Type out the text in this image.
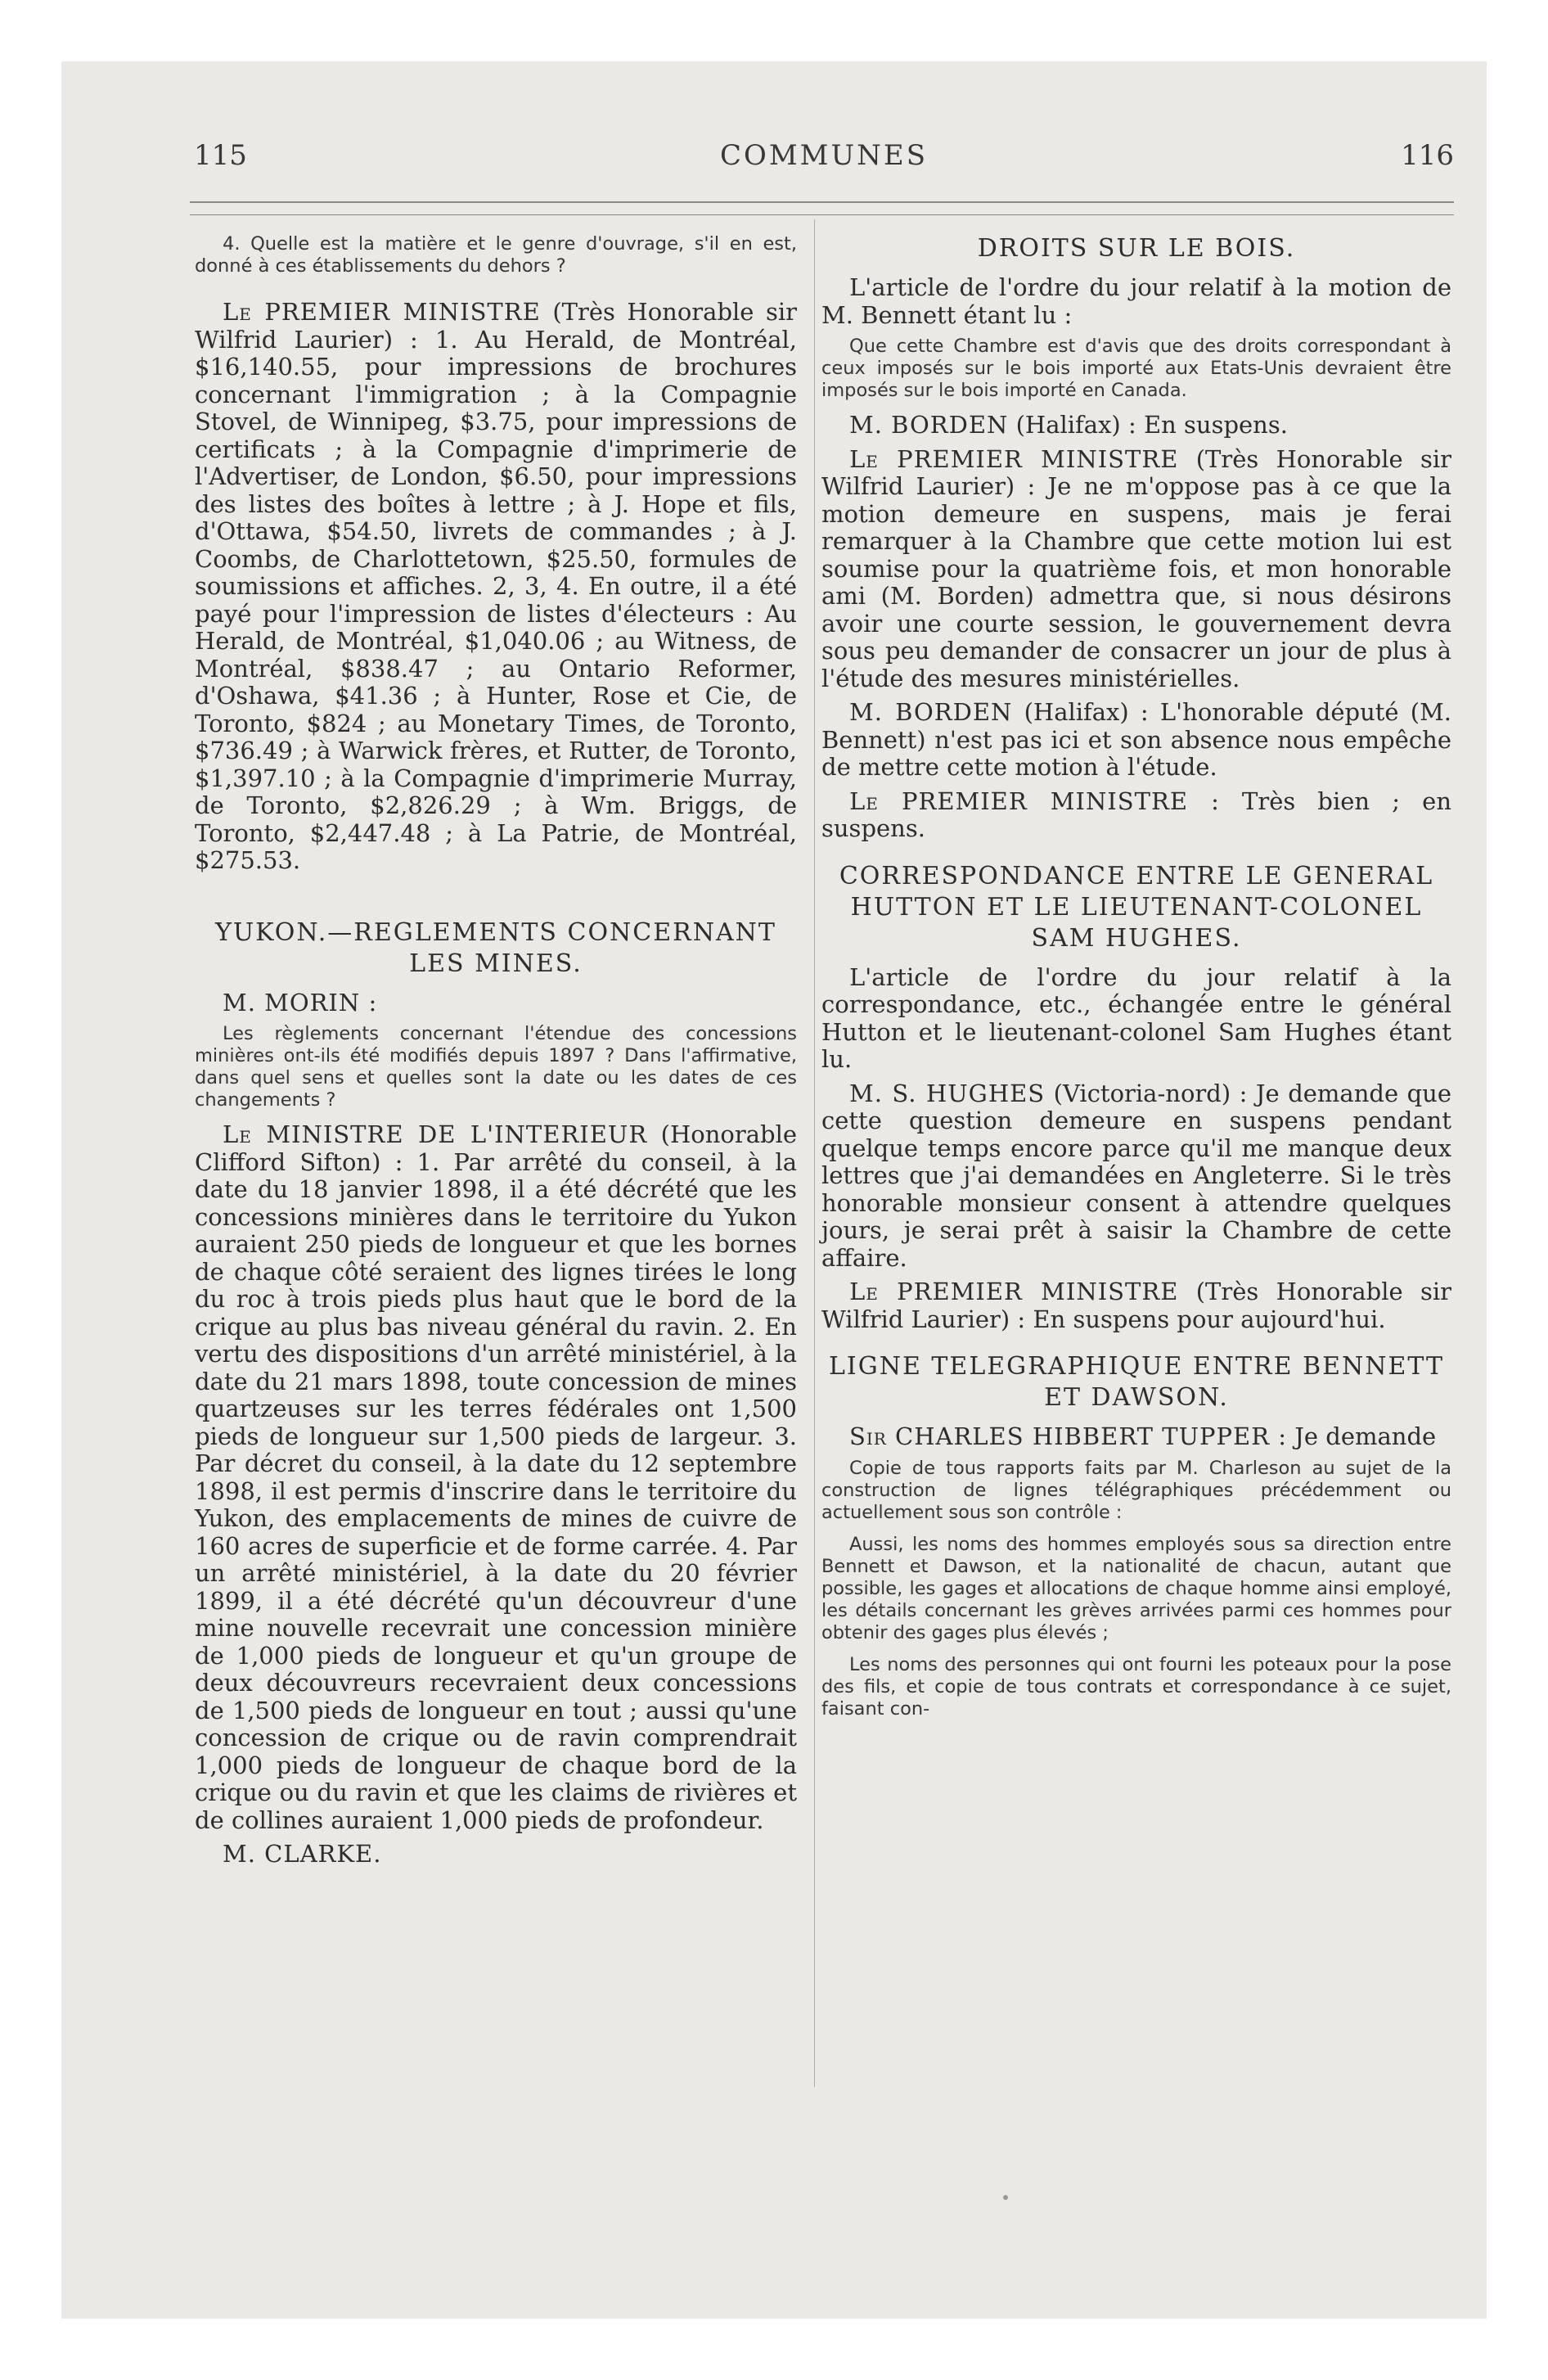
115	COMMUNES	116

4. Quelle est la matière et le genre d'ouvrage, s'il en est, donné à ces établissements du dehors ?

Le PREMIER MINISTRE (Très Honorable sir Wilfrid Laurier) : 1. Au Herald, de Montréal, $16,140.55, pour impressions de brochures concernant l'immigration ; à la Compagnie Stovel, de Winnipeg, $3.75, pour impressions de certificats ; à la Compagnie d'imprimerie de l'Advertiser, de London, $6.50, pour impressions des listes des boîtes à lettre ; à J. Hope et fils, d'Ottawa, $54.50, livrets de commandes ; à J. Coombs, de Charlottetown, $25.50, formules de soumissions et affiches. 2, 3, 4. En outre, il a été payé pour l'impression de listes d'électeurs : Au Herald, de Montréal, $1,040.06 ; au Witness, de Montréal, $838.47 ; au Ontario Reformer, d'Oshawa, $41.36 ; à Hunter, Rose et Cie, de Toronto, $824 ; au Monetary Times, de Toronto, $736.49 ; à Warwick frères, et Rutter, de Toronto, $1,397.10 ; à la Compagnie d'imprimerie Murray, de Toronto, $2,826.29 ; à Wm. Briggs, de Toronto, $2,447.48 ; à La Patrie, de Montréal, $275.53.

YUKON.—REGLEMENTS CONCERNANT LES MINES.

M. MORIN :

Les règlements concernant l'étendue des concessions minières ont-ils été modifiés depuis 1897 ? Dans l'affirmative, dans quel sens et quelles sont la date ou les dates de ces changements ?

Le MINISTRE DE L'INTERIEUR (Honorable Clifford Sifton) : 1. Par arrêté du conseil, à la date du 18 janvier 1898, il a été décrété que les concessions minières dans le territoire du Yukon auraient 250 pieds de longueur et que les bornes de chaque côté seraient des lignes tirées le long du roc à trois pieds plus haut que le bord de la crique au plus bas niveau général du ravin. 2. En vertu des dispositions d'un arrêté ministériel, à la date du 21 mars 1898, toute concession de mines quartzeuses sur les terres fédérales ont 1,500 pieds de longueur sur 1,500 pieds de largeur. 3. Par décret du conseil, à la date du 12 septembre 1898, il est permis d'inscrire dans le territoire du Yukon, des emplacements de mines de cuivre de 160 acres de superficie et de forme carrée. 4. Par un arrêté ministériel, à la date du 20 février 1899, il a été décrété qu'un découvreur d'une mine nouvelle recevrait une concession minière de 1,000 pieds de longueur et qu'un groupe de deux découvreurs recevraient deux concessions de 1,500 pieds de longueur en tout ; aussi qu'une concession de crique ou de ravin comprendrait 1,000 pieds de longueur de chaque bord de la crique ou du ravin et que les claims de rivières et de collines auraient 1,000 pieds de profondeur.

M. CLARKE.

DROITS SUR LE BOIS.

L'article de l'ordre du jour relatif à la motion de M. Bennett étant lu :

Que cette Chambre est d'avis que des droits correspondant à ceux imposés sur le bois importé aux Etats-Unis devraient être imposés sur le bois importé en Canada.

M. BORDEN (Halifax) : En suspens.

Le PREMIER MINISTRE (Très Honorable sir Wilfrid Laurier) : Je ne m'oppose pas à ce que la motion demeure en suspens, mais je ferai remarquer à la Chambre que cette motion lui est soumise pour la quatrième fois, et mon honorable ami (M. Borden) admettra que, si nous désirons avoir une courte session, le gouvernement devra sous peu demander de consacrer un jour de plus à l'étude des mesures ministérielles.

M. BORDEN (Halifax) : L'honorable député (M. Bennett) n'est pas ici et son absence nous empêche de mettre cette motion à l'étude.

Le PREMIER MINISTRE : Très bien ; en suspens.

CORRESPONDANCE ENTRE LE GENERAL HUTTON ET LE LIEUTENANT-COLONEL SAM HUGHES.

L'article de l'ordre du jour relatif à la correspondance, etc., échangée entre le général Hutton et le lieutenant-colonel Sam Hughes étant lu.

M. S. HUGHES (Victoria-nord) : Je demande que cette question demeure en suspens pendant quelque temps encore parce qu'il me manque deux lettres que j'ai demandées en Angleterre. Si le très honorable monsieur consent à attendre quelques jours, je serai prêt à saisir la Chambre de cette affaire.

Le PREMIER MINISTRE (Très Honorable sir Wilfrid Laurier) : En suspens pour aujourd'hui.

LIGNE TELEGRAPHIQUE ENTRE BENNETT ET DAWSON.

Sir CHARLES HIBBERT TUPPER : Je demande

Copie de tous rapports faits par M. Charleson au sujet de la construction de lignes télégraphiques précédemment ou actuellement sous son contrôle :

Aussi, les noms des hommes employés sous sa direction entre Bennett et Dawson, et la nationalité de chacun, autant que possible, les gages et allocations de chaque homme ainsi employé, les détails concernant les grèves arrivées parmi ces hommes pour obtenir des gages plus élevés ;

Les noms des personnes qui ont fourni les poteaux pour la pose des fils, et copie de tous contrats et correspondance à ce sujet, faisant con-
